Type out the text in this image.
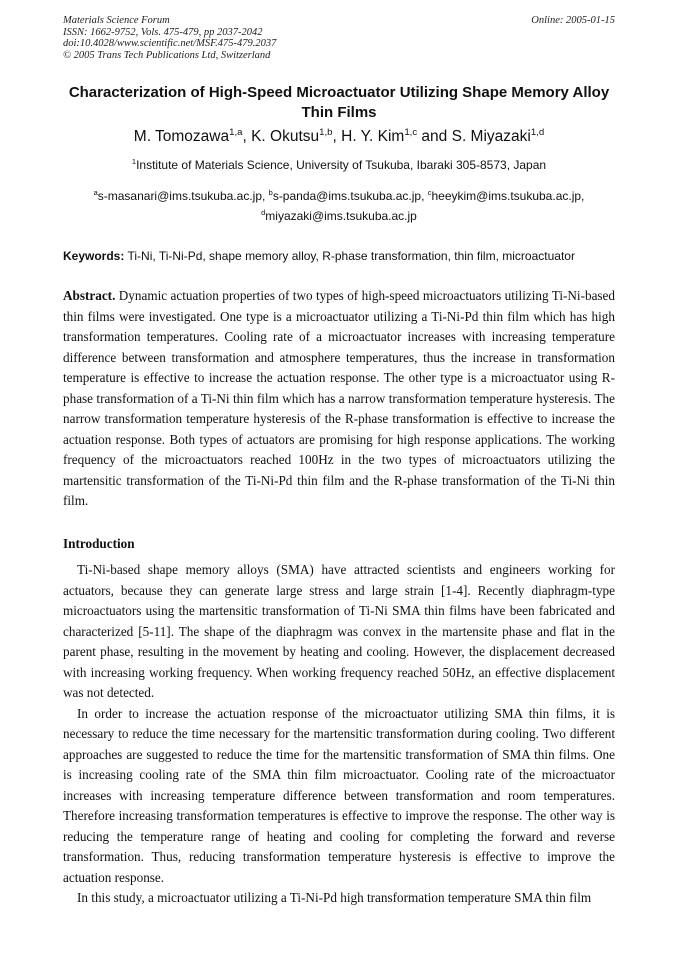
Materials Science Forum	Online: 2005-01-15
ISSN: 1662-9752, Vols. 475-479, pp 2037-2042
doi:10.4028/www.scientific.net/MSF.475-479.2037
© 2005 Trans Tech Publications Ltd, Switzerland
Characterization of High-Speed Microactuator Utilizing Shape Memory Alloy Thin Films
M. Tomozawa$^{1,a}$, K. Okutsu$^{1,b}$, H. Y. Kim$^{1,c}$ and S. Miyazaki$^{1,d}$
$^1$Institute of Materials Science, University of Tsukuba, Ibaraki 305-8573, Japan
$^a$s-masanari@ims.tsukuba.ac.jp, $^b$s-panda@ims.tsukuba.ac.jp, $^c$heeykim@ims.tsukuba.ac.jp,
$^d$miyazaki@ims.tsukuba.ac.jp
Keywords: Ti-Ni, Ti-Ni-Pd, shape memory alloy, R-phase transformation, thin film, microactuator
Abstract. Dynamic actuation properties of two types of high-speed microactuators utilizing Ti-Ni-based thin films were investigated. One type is a microactuator utilizing a Ti-Ni-Pd thin film which has high transformation temperatures. Cooling rate of a microactuator increases with increasing temperature difference between transformation and atmosphere temperatures, thus the increase in transformation temperature is effective to increase the actuation response. The other type is a microactuator using R-phase transformation of a Ti-Ni thin film which has a narrow transformation temperature hysteresis. The narrow transformation temperature hysteresis of the R-phase transformation is effective to increase the actuation response. Both types of actuators are promising for high response applications. The working frequency of the microactuators reached 100Hz in the two types of microactuators utilizing the martensitic transformation of the Ti-Ni-Pd thin film and the R-phase transformation of the Ti-Ni thin film.
Introduction

Ti-Ni-based shape memory alloys (SMA) have attracted scientists and engineers working for actuators, because they can generate large stress and large strain [1-4]. Recently diaphragm-type microactuators using the martensitic transformation of Ti-Ni SMA thin films have been fabricated and characterized [5-11]. The shape of the diaphragm was convex in the martensite phase and flat in the parent phase, resulting in the movement by heating and cooling. However, the displacement decreased with increasing working frequency. When working frequency reached 50Hz, an effective displacement was not detected.

In order to increase the actuation response of the microactuator utilizing SMA thin films, it is necessary to reduce the time necessary for the martensitic transformation during cooling. Two different approaches are suggested to reduce the time for the martensitic transformation of SMA thin films. One is increasing cooling rate of the SMA thin film microactuator. Cooling rate of the microactuator increases with increasing temperature difference between transformation and room temperatures. Therefore increasing transformation temperatures is effective to improve the response. The other way is reducing the temperature range of heating and cooling for completing the forward and reverse transformation. Thus, reducing transformation temperature hysteresis is effective to improve the actuation response.

In this study, a microactuator utilizing a Ti-Ni-Pd high transformation temperature SMA thin film
